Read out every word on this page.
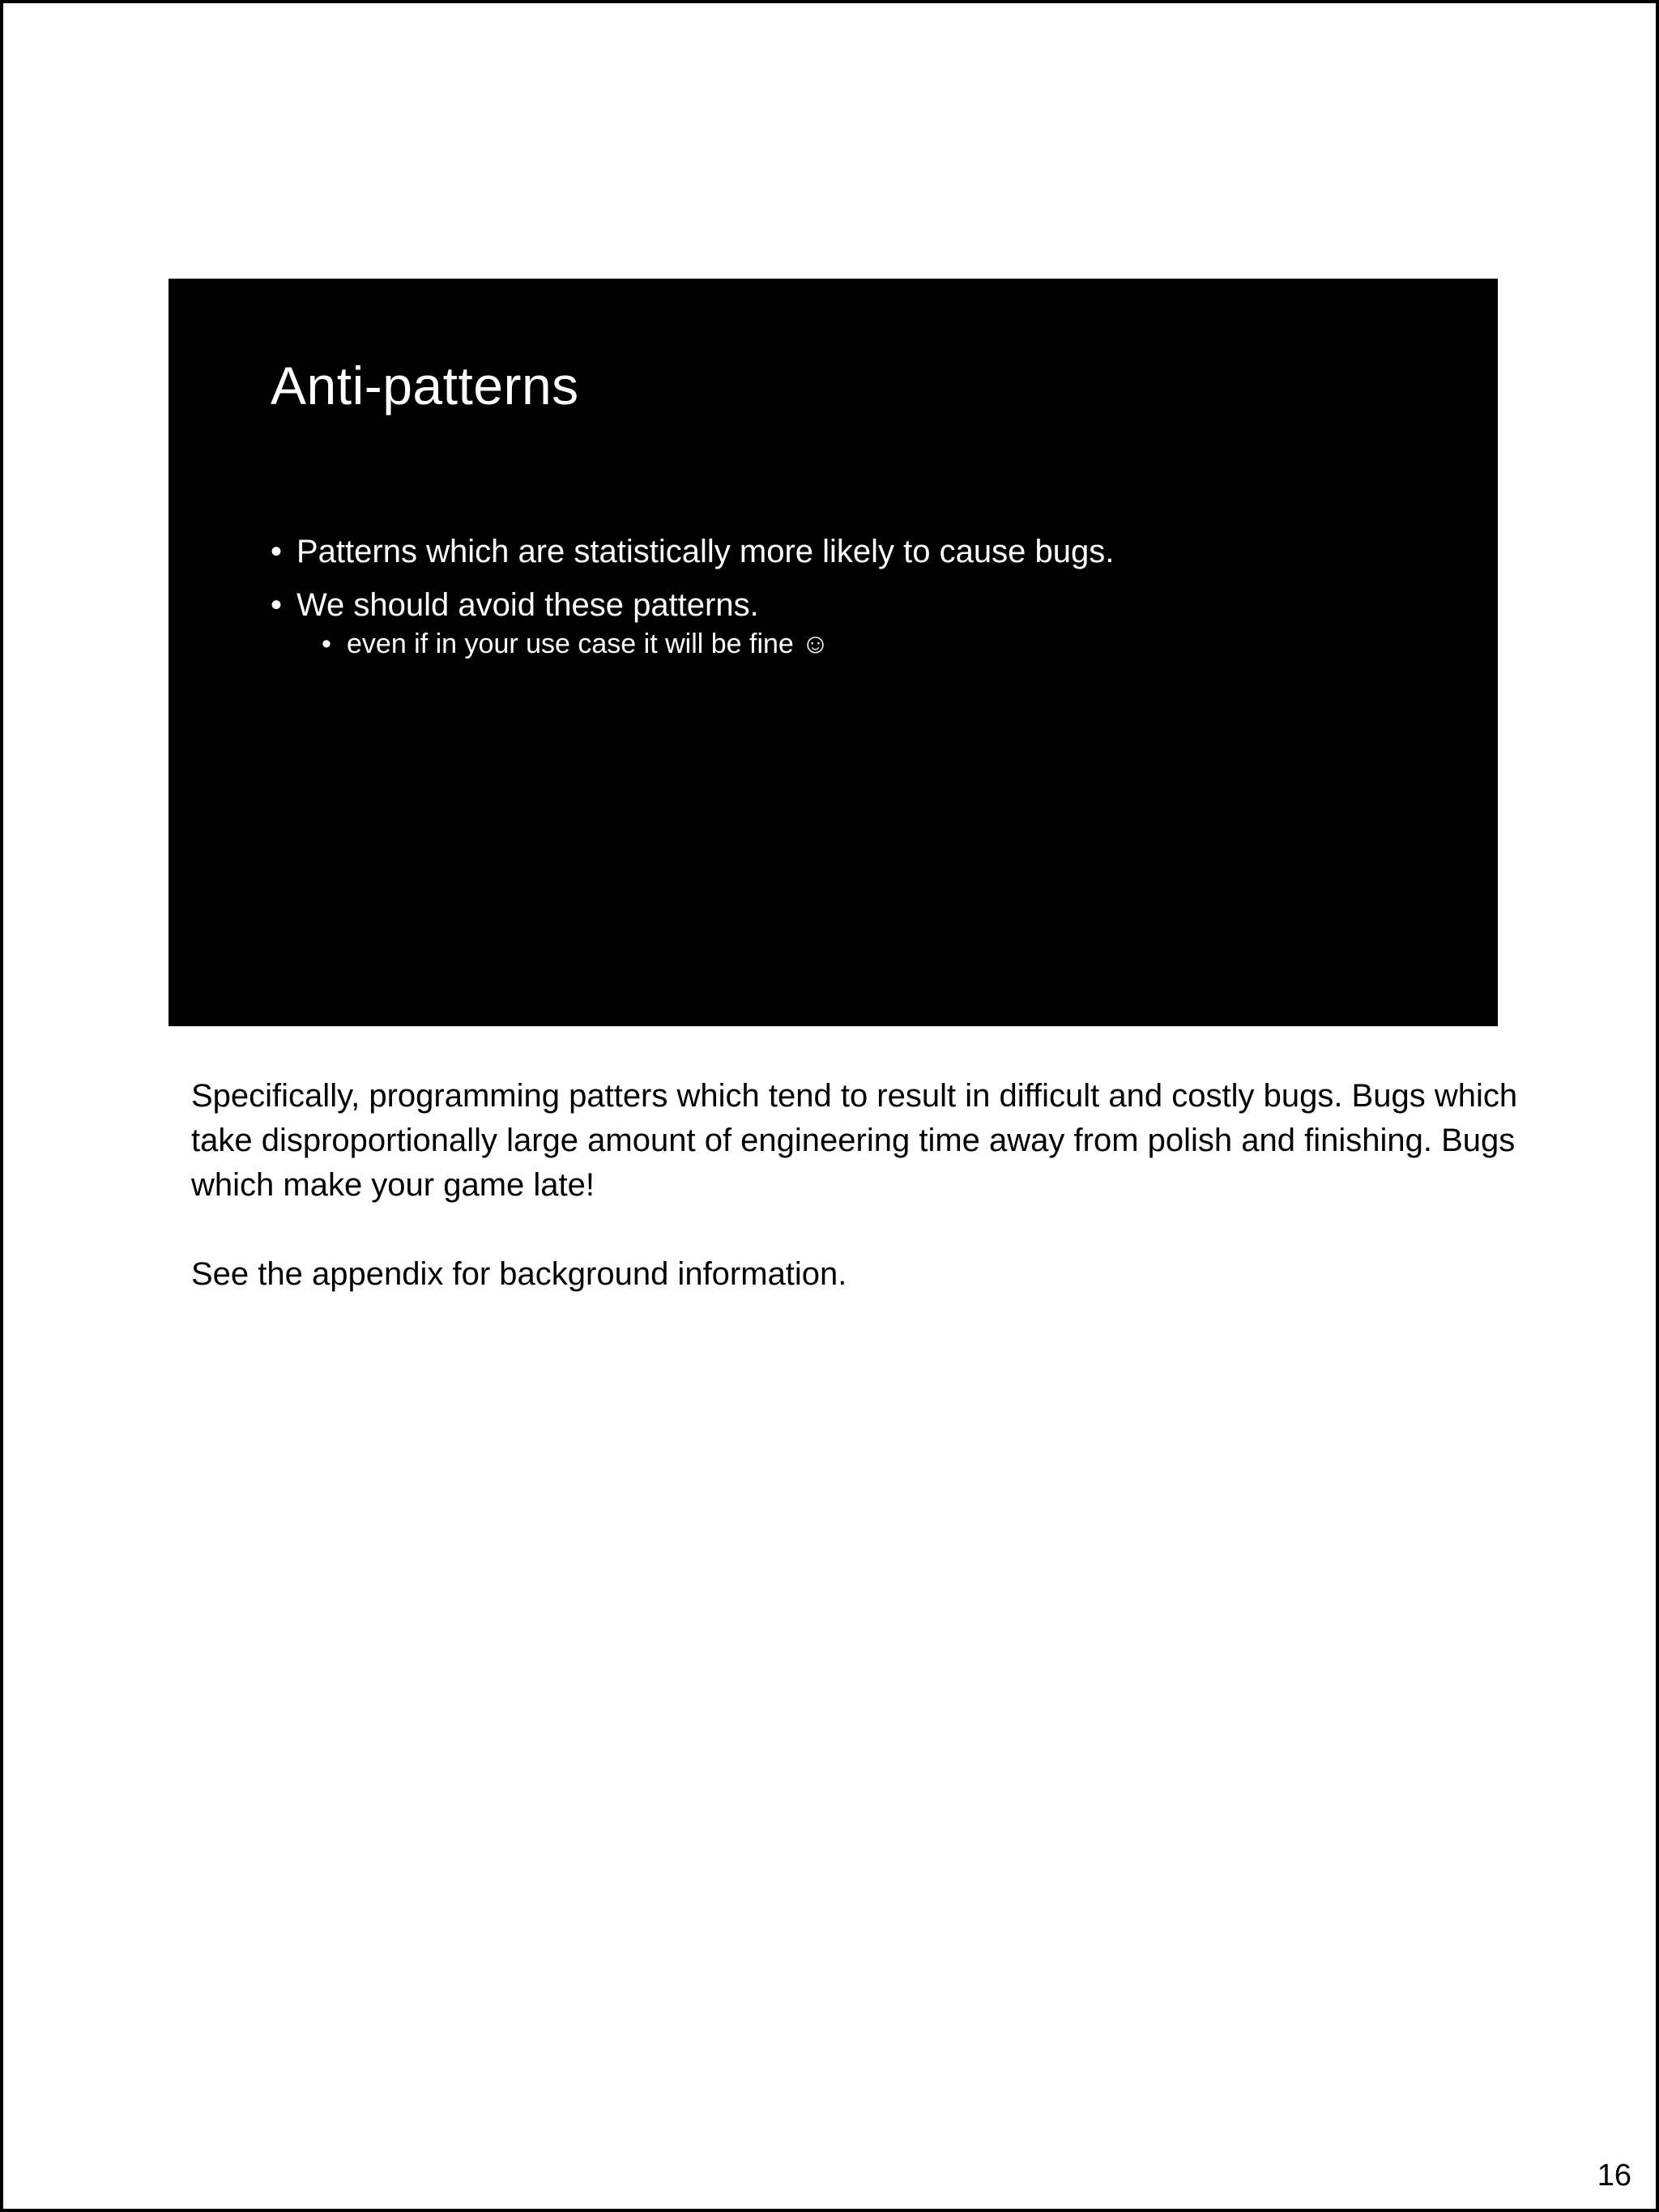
Anti-patterns
• Patterns which are statistically more likely to cause bugs.
• We should avoid these patterns.
• even if in your use case it will be fine ☺

Specifically, programming patters which tend to result in difficult and costly bugs. Bugs which take disproportionally large amount of engineering time away from polish and finishing. Bugs which make your game late!

See the appendix for background information.

16
